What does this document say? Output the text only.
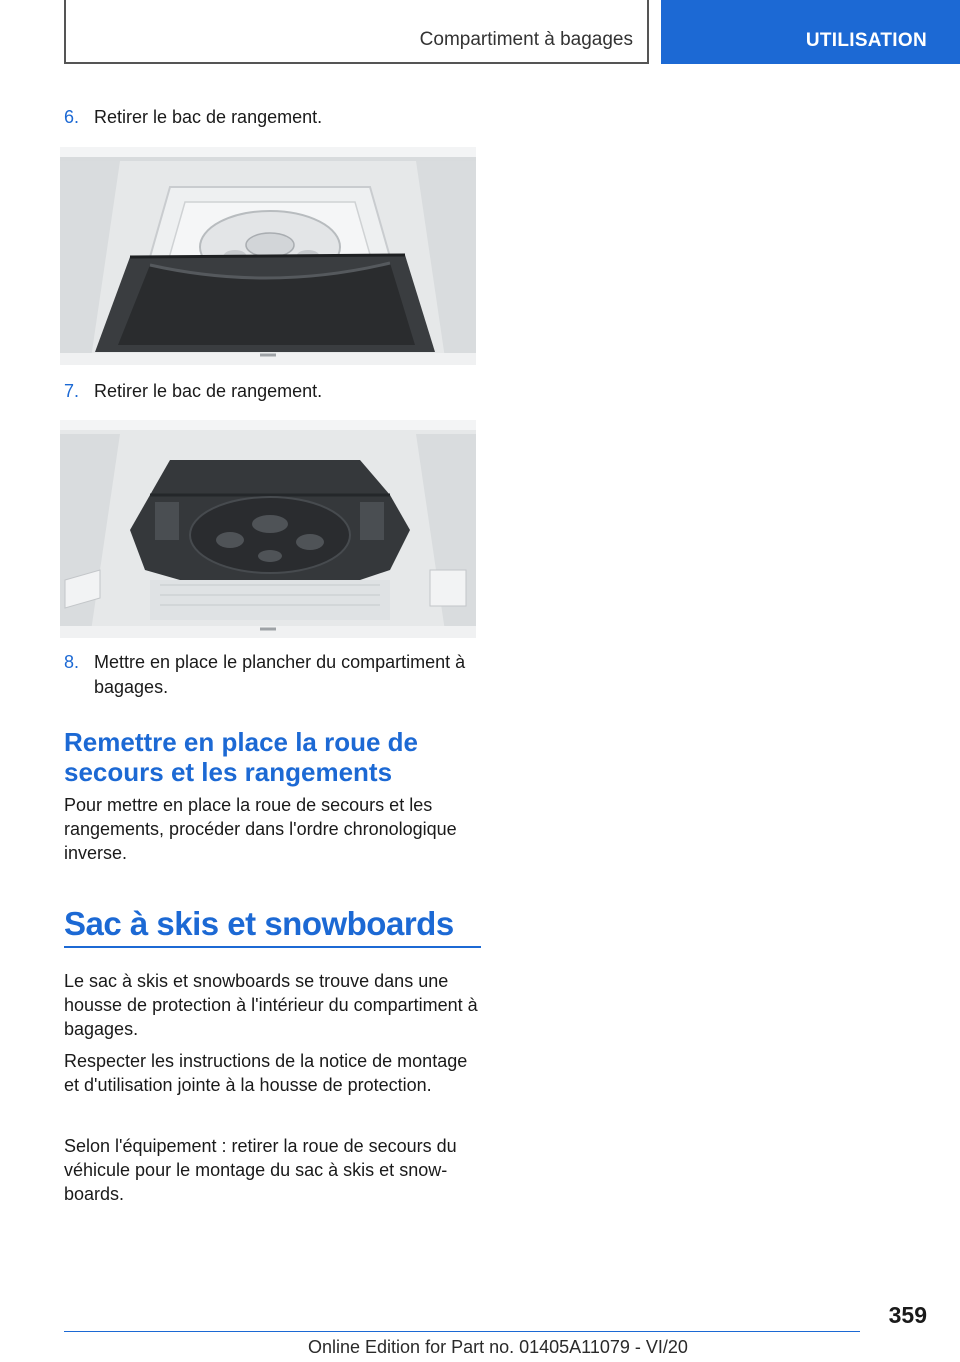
Compartiment à bagages	UTILISATION
6. Retirer le bac de rangement.
7. Retirer le bac de rangement.
8. Mettre en place le plancher du compartiment à bagages.
Remettre en place la roue de secours et les rangements
Pour mettre en place la roue de secours et les rangements, procéder dans l'ordre chronologique inverse.
Sac à skis et snowboards
Le sac à skis et snowboards se trouve dans une housse de protection à l'intérieur du compartiment à bagages.
Respecter les instructions de la notice de montage et d'utilisation jointe à la housse de protection.
Selon l'équipement : retirer la roue de secours du véhicule pour le montage du sac à skis et snowboards.
359
Online Edition for Part no. 01405A11079 - VI/20
